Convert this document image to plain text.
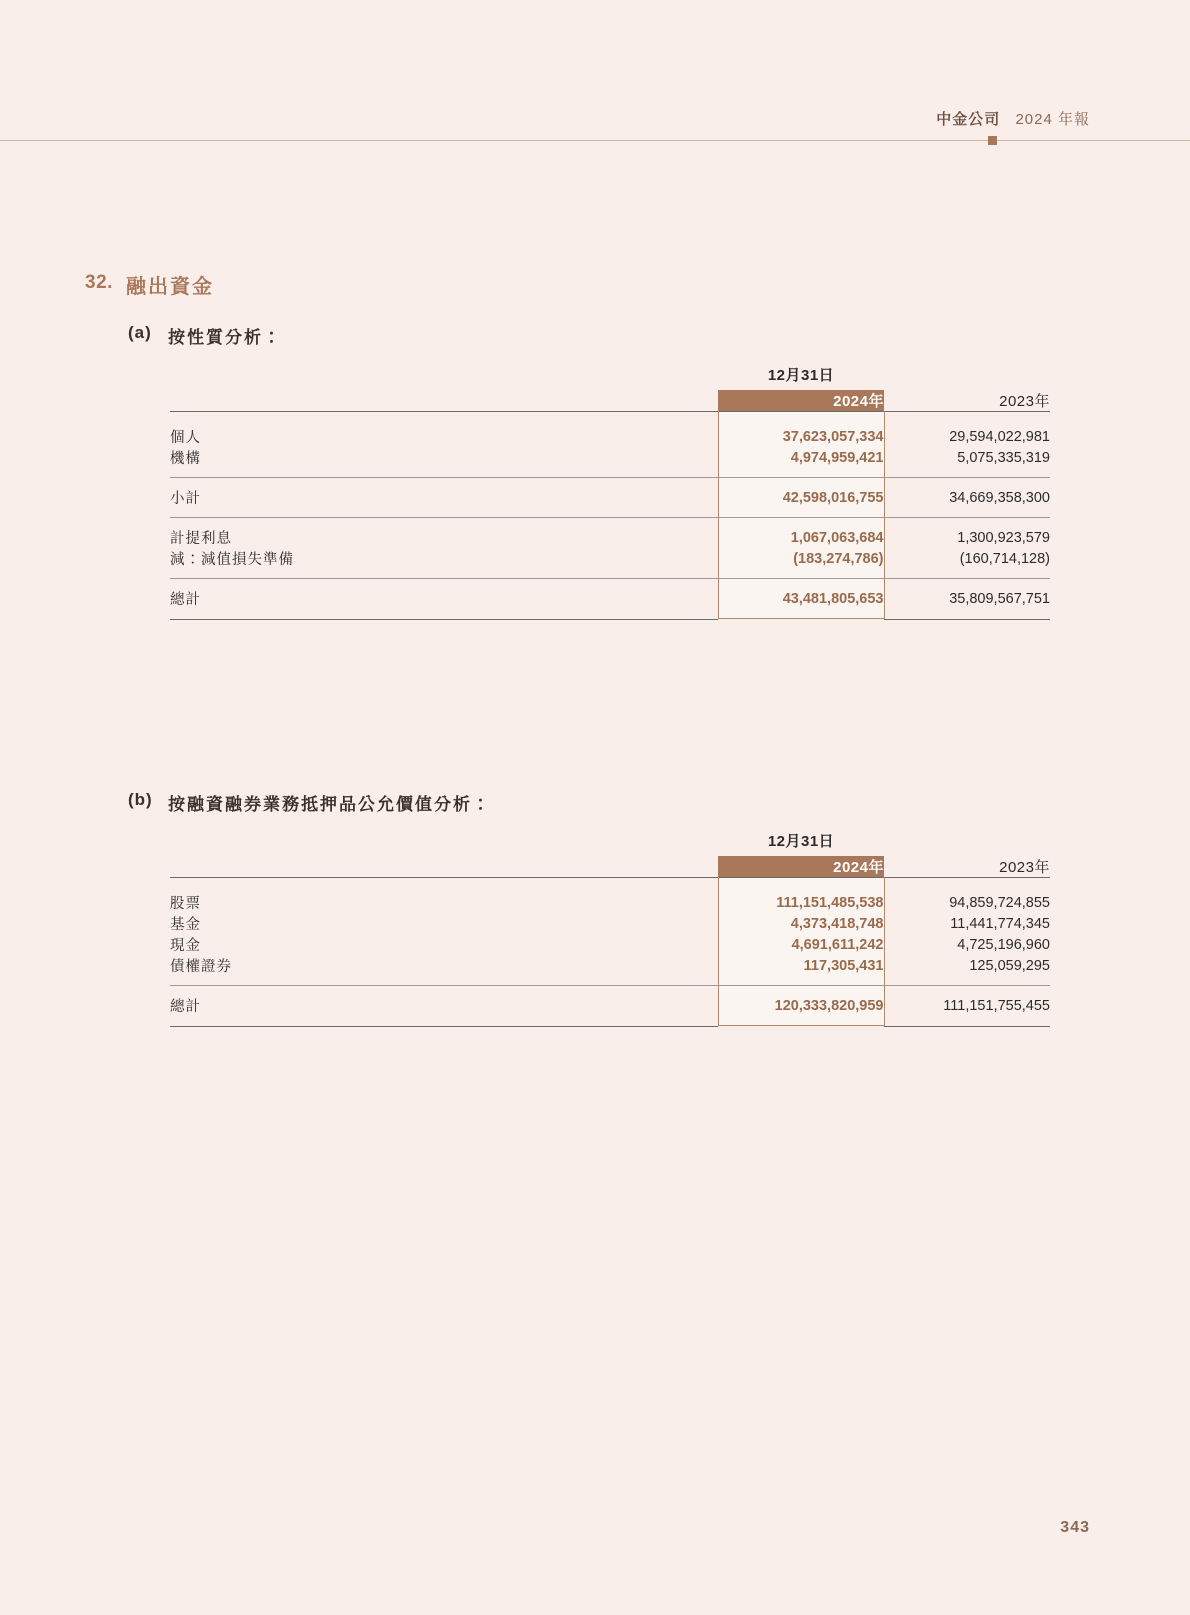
中金公司 2024 年報
32. 融出資金
(a) 按性質分析：
	12月31日	
	2024年	2023年

個人	37,623,057,334	29,594,022,981
機構	4,974,959,421	5,075,335,319

小計	42,598,016,755	34,669,358,300

計提利息	1,067,063,684	1,300,923,579
減：減值損失準備	(183,274,786)	(160,714,128)

總計	43,481,805,653	35,809,567,751

(b) 按融資融券業務抵押品公允價值分析：
	12月31日	
	2024年	2023年

股票	111,151,485,538	94,859,724,855
基金	4,373,418,748	11,441,774,345
現金	4,691,611,242	4,725,196,960
債權證券	117,305,431	125,059,295

總計	120,333,820,959	111,151,755,455

343
